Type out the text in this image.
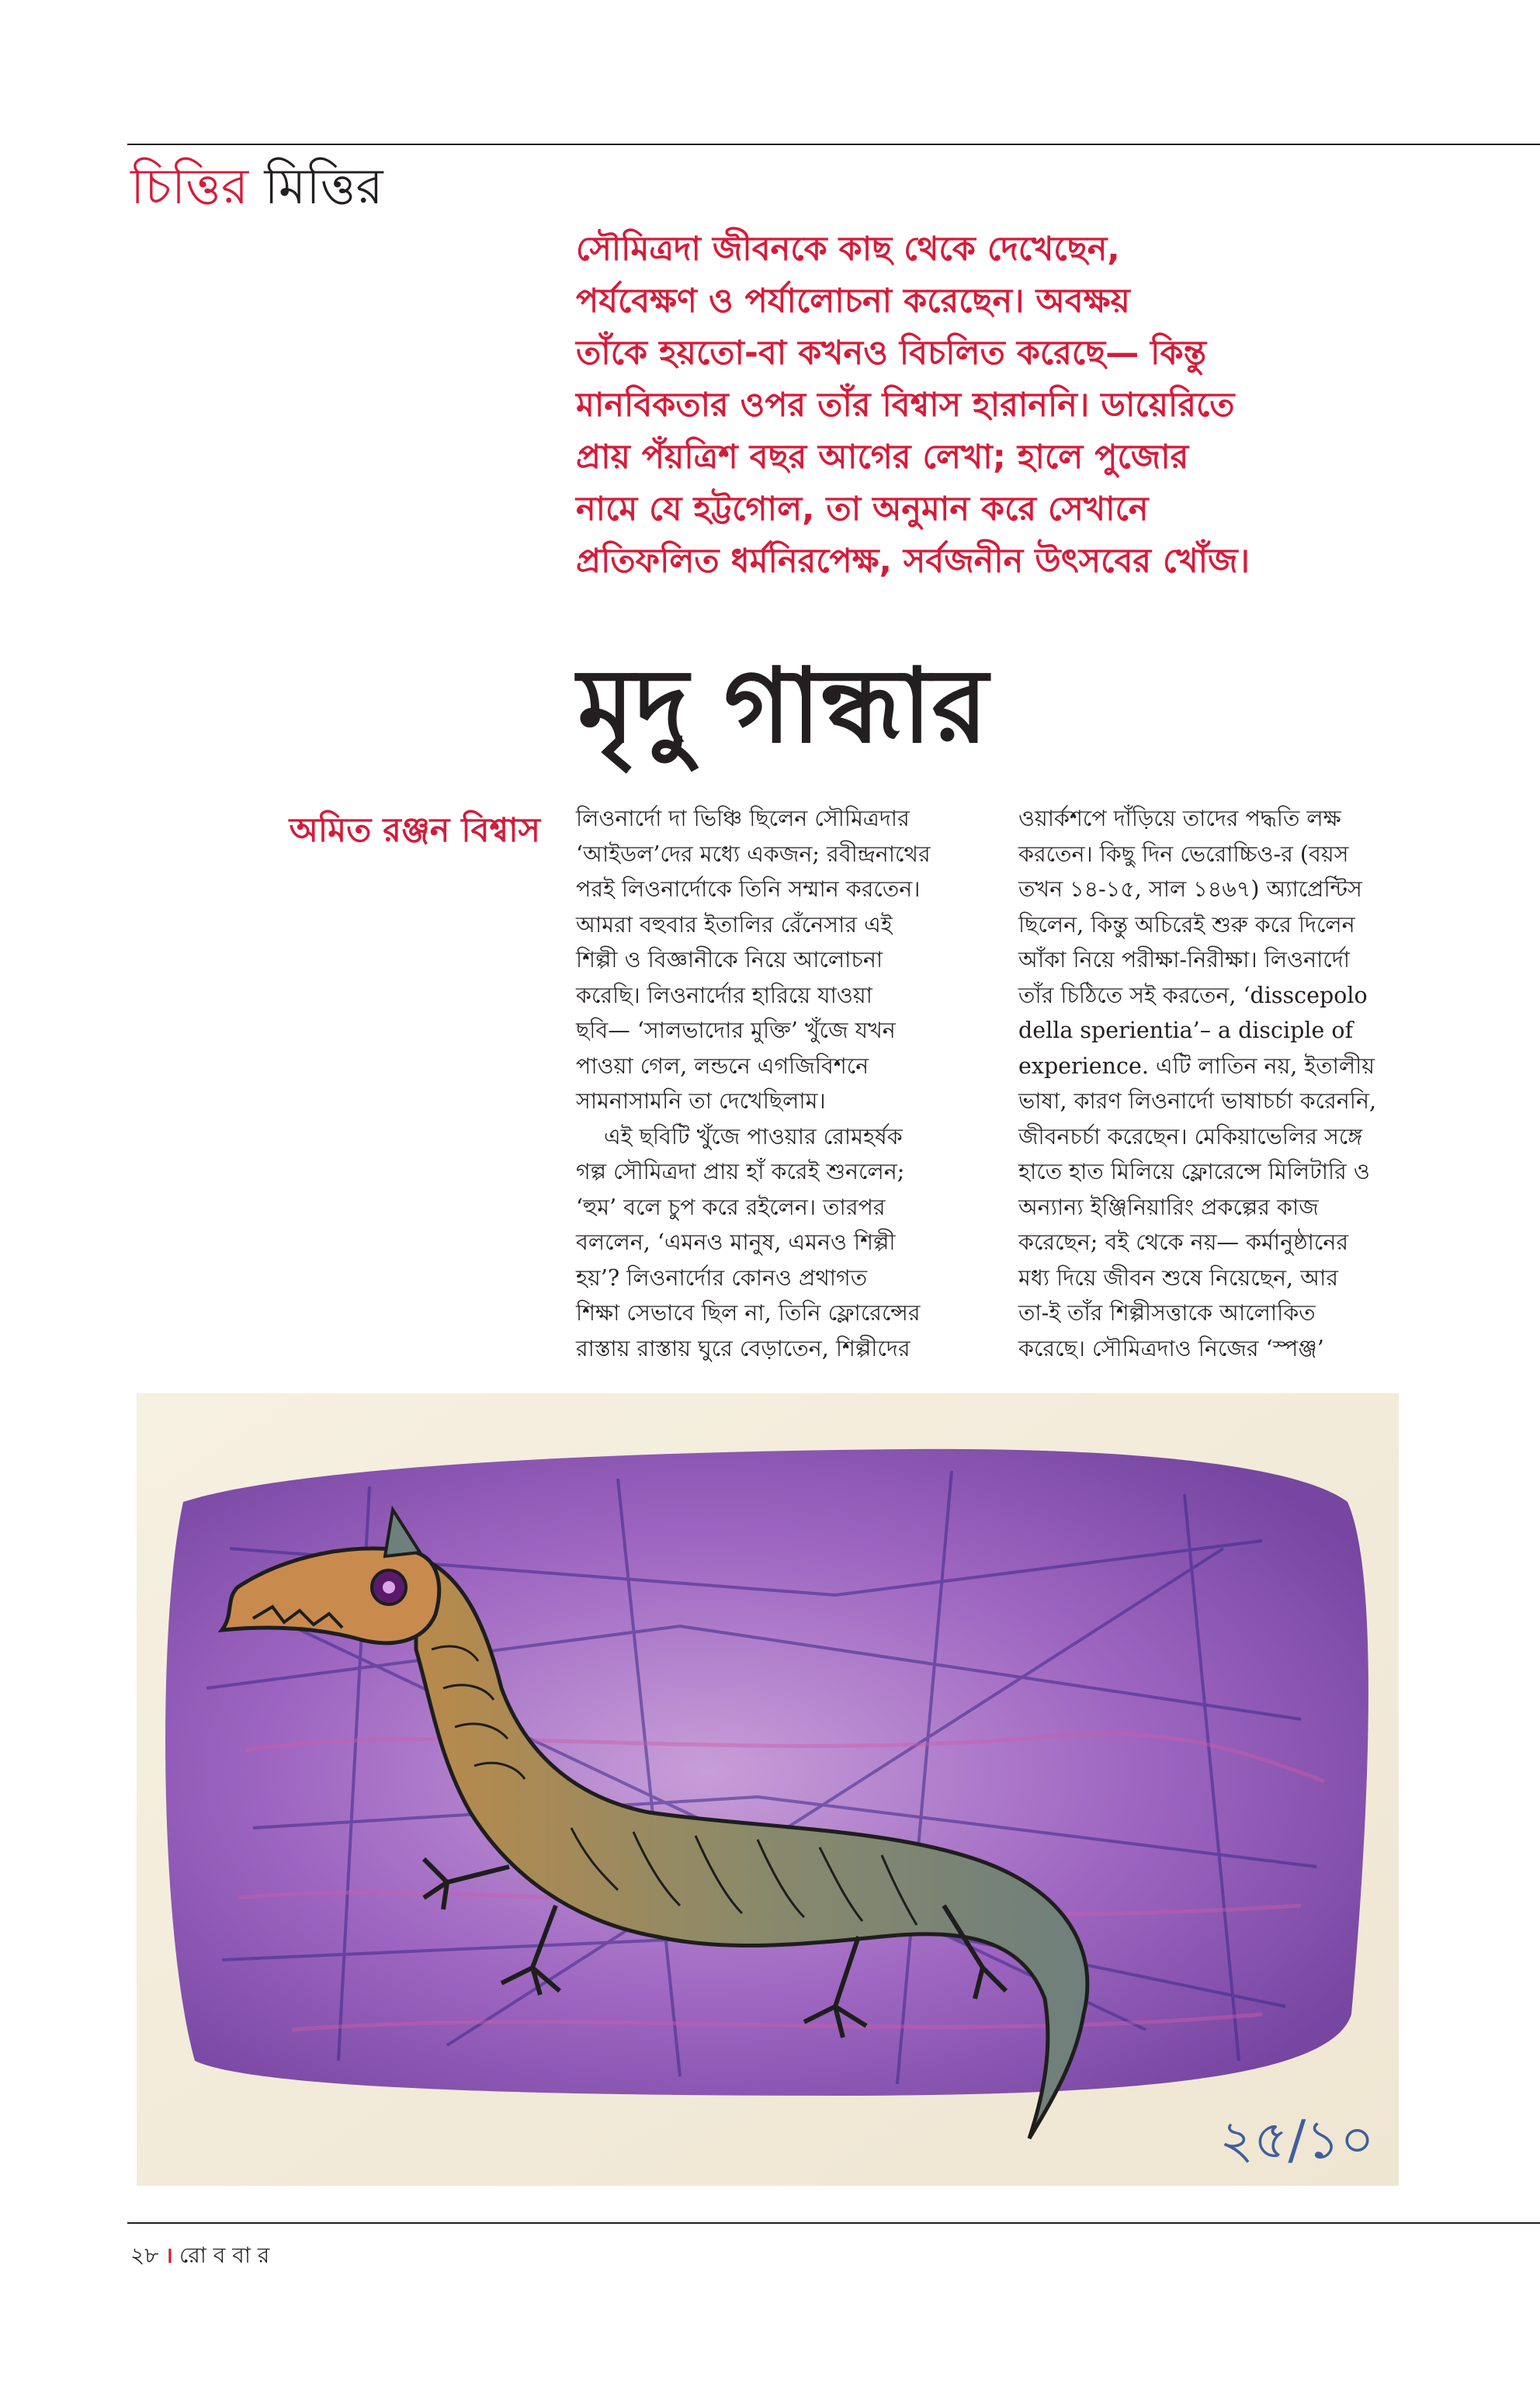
চিত্তির মিত্তির

সৌমিত্রদা জীবনকে কাছ থেকে দেখেছেন,

পর্যবেক্ষণ ও পর্যালোচনা করেছেন। অবক্ষয়

তাঁকে হয়তো-বা কখনও বিচলিত করেছে— কিন্তু

মানবিকতার ওপর তাঁর বিশ্বাস হারাননি। ডায়েরিতে

প্রায় পঁয়ত্রিশ বছর আগের লেখা; হালে পুজোর

নামে যে হট্টগোল, তা অনুমান করে সেখানে

প্রতিফলিত ধর্মনিরপেক্ষ, সর্বজনীন উৎসবের খোঁজ।

মৃদু গান্ধার
অমিত রঞ্জন বিশ্বাস লিওনার্দো দা ভিঞ্চি ছিলেন সৌমিত্রদার

‘আইডল’দের মধ্যে একজন; রবীন্দ্রনাথের

পরই লিওনার্দোকে তিনি সম্মান করতেন।

আমরা বহুবার ইতালির রেঁনেসার এই

শিল্পী ও বিজ্ঞানীকে নিয়ে আলোচনা

করেছি। লিওনার্দোর হারিয়ে যাওয়া

ছবি— ‘সালভাদোর মুক্তি’ খুঁজে যখন

পাওয়া গেল, লন্ডনে এগজিবিশনে

সামনাসামনি তা দেখেছিলাম।

এই ছবিটি খুঁজে পাওয়ার রোমহর্ষক

গল্প সৌমিত্রদা প্রায় হাঁ করেই শুনলেন;

‘হুম’ বলে চুপ করে রইলেন। তারপর

বললেন, ‘এমনও মানুষ, এমনও শিল্পী

হয়’? লিওনার্দোর কোনও প্রথাগত

শিক্ষা সেভাবে ছিল না, তিনি ফ্লোরেন্সের

রাস্তায় রাস্তায় ঘুরে বেড়াতেন, শিল্পীদের

ওয়ার্কশপে দাঁড়িয়ে তাদের পদ্ধতি লক্ষ

করতেন। কিছু দিন ভেরোচ্চিও-র (বয়স

তখন ১৪-১৫, সাল ১৪৬৭) অ্যাপ্রেন্টিস

ছিলেন, কিন্তু অচিরেই শুরু করে দিলেন

আঁকা নিয়ে পরীক্ষা-নিরীক্ষা। লিওনার্দো

তাঁর চিঠিতে সই করতেন, ‘disscepolo

della sperientia’– a disciple of

experience. এটি লাতিন নয়, ইতালীয়

ভাষা, কারণ লিওনার্দো ভাষাচর্চা করেননি,

জীবনচর্চা করেছেন। মেকিয়াভেলির সঙ্গে

হাতে হাত মিলিয়ে ফ্লোরেন্সে মিলিটারি ও

অন্যান্য ইঞ্জিনিয়ারিং প্রকল্পের কাজ

করেছেন; বই থেকে নয়— কর্মানুষ্ঠানের

মধ্য দিয়ে জীবন শুষে নিয়েছেন, আর

তা-ই তাঁর শিল্পীসত্তাকে আলোকিত

করেছে। সৌমিত্রদাও নিজের ‘স্পঞ্জ’

২৫/১০
২৮ । রো ব বা র
